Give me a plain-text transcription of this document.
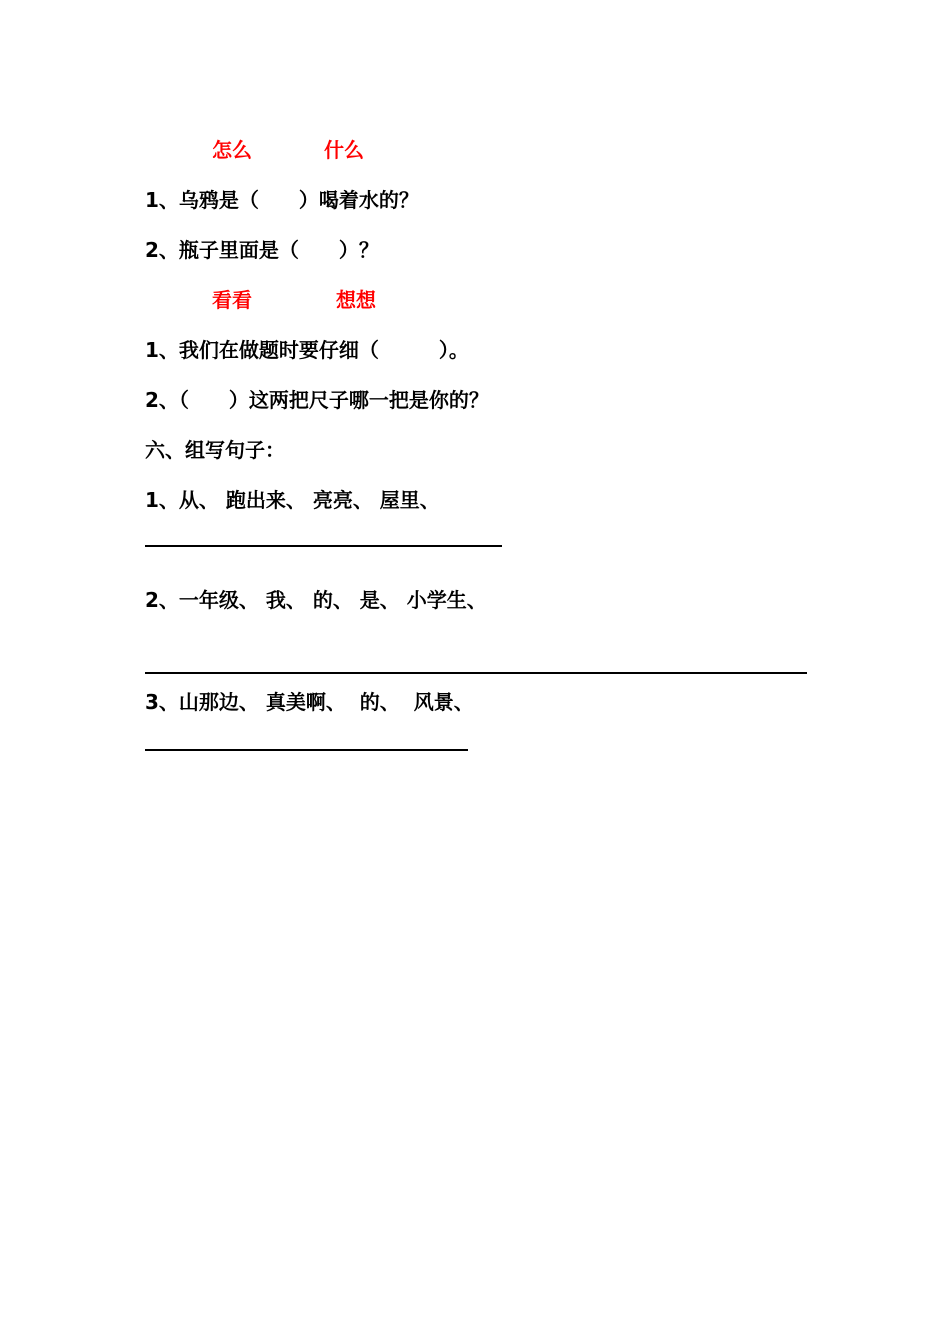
怎么	什么
1、乌鸦是（　　）喝着水的？
2、瓶子里面是（　　）？
看看	想想
1、我们在做题时要仔细（　　　）。
2、（　　）这两把尺子哪一把是你的？
六、组写句子：
1、从、 跑出来、 亮亮、 屋里、
2、一年级、 我、 的、 是、 小学生、
3、山那边、 真美啊、  的、  风景、
